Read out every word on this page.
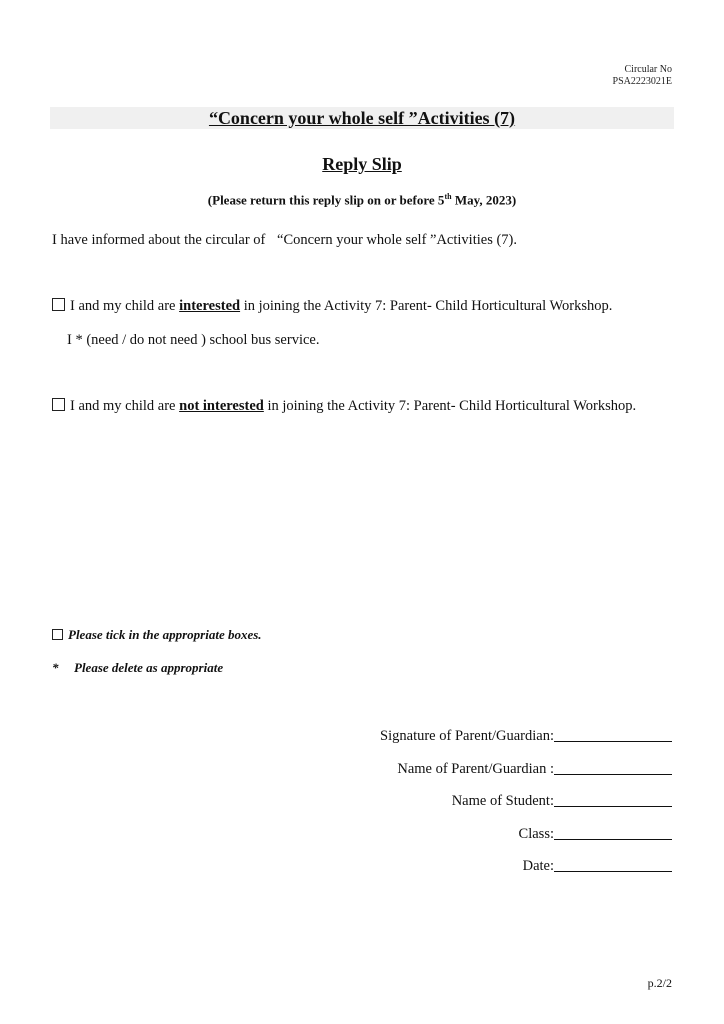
Circular No
PSA2223021E
“Concern your whole self ”Activities (7)
Reply Slip
(Please return this reply slip on or before 5th May, 2023)
I have informed about the circular of “Concern your whole self ”Activities (7).
I and my child are interested in joining the Activity 7: Parent- Child Horticultural Workshop.
I * (need / do not need ) school bus service.
I and my child are not interested in joining the Activity 7: Parent- Child Horticultural Workshop.
Please tick in the appropriate boxes.
* Please delete as appropriate
Signature of Parent/Guardian:
Name of Parent/Guardian :
Name of Student:
Class:
Date:
p.2/2
